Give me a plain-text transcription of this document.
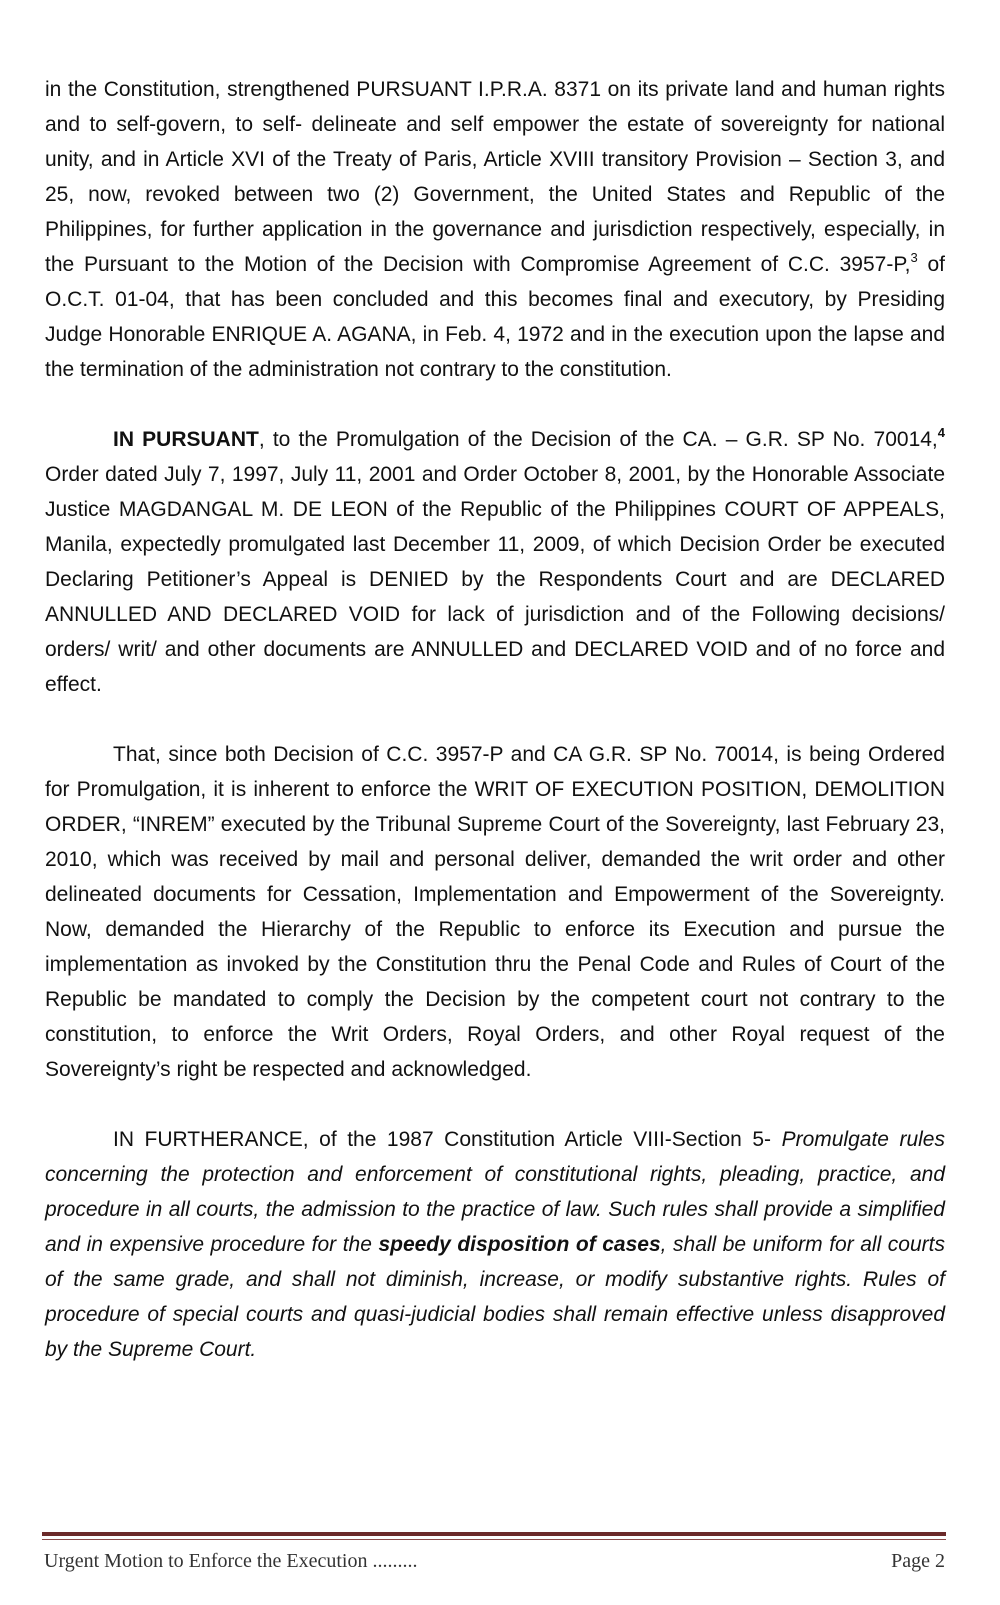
in the Constitution, strengthened PURSUANT I.P.R.A. 8371 on its private land and human rights and to self-govern, to self- delineate and self empower the estate of sovereignty for national unity, and in Article XVI of the Treaty of Paris, Article XVIII transitory Provision – Section 3, and 25, now, revoked between two (2) Government, the United States and Republic of the Philippines, for further application in the governance and jurisdiction respectively, especially, in the Pursuant to the Motion of the Decision with Compromise Agreement of C.C. 3957-P,$^3$ of O.C.T. 01-04, that has been concluded and this becomes final and executory, by Presiding Judge Honorable ENRIQUE A. AGANA, in Feb. 4, 1972 and in the execution upon the lapse and the termination of the administration not contrary to the constitution.

IN PURSUANT, to the Promulgation of the Decision of the CA. – G.R. SP No. 70014,$^4$ Order dated July 7, 1997, July 11, 2001 and Order October 8, 2001, by the Honorable Associate Justice MAGDANGAL M. DE LEON of the Republic of the Philippines COURT OF APPEALS, Manila, expectedly promulgated last December 11, 2009, of which Decision Order be executed Declaring Petitioner’s Appeal is DENIED by the Respondents Court and are DECLARED ANNULLED AND DECLARED VOID for lack of jurisdiction and of the Following decisions/ orders/ writ/ and other documents are ANNULLED and DECLARED VOID and of no force and effect.

That, since both Decision of C.C. 3957-P and CA G.R. SP No. 70014, is being Ordered for Promulgation, it is inherent to enforce the WRIT OF EXECUTION POSITION, DEMOLITION ORDER, “INREM” executed by the Tribunal Supreme Court of the Sovereignty, last February 23, 2010, which was received by mail and personal deliver, demanded the writ order and other delineated documents for Cessation, Implementation and Empowerment of the Sovereignty. Now, demanded the Hierarchy of the Republic to enforce its Execution and pursue the implementation as invoked by the Constitution thru the Penal Code and Rules of Court of the Republic be mandated to comply the Decision by the competent court not contrary to the constitution, to enforce the Writ Orders, Royal Orders, and other Royal request of the Sovereignty’s right be respected and acknowledged.

IN FURTHERANCE, of the 1987 Constitution Article VIII-Section 5- Promulgate rules concerning the protection and enforcement of constitutional rights, pleading, practice, and procedure in all courts, the admission to the practice of law. Such rules shall provide a simplified and in expensive procedure for the speedy disposition of cases, shall be uniform for all courts of the same grade, and shall not diminish, increase, or modify substantive rights. Rules of procedure of special courts and quasi-judicial bodies shall remain effective unless disapproved by the Supreme Court.

Urgent Motion to Enforce the Execution .........	Page 2
